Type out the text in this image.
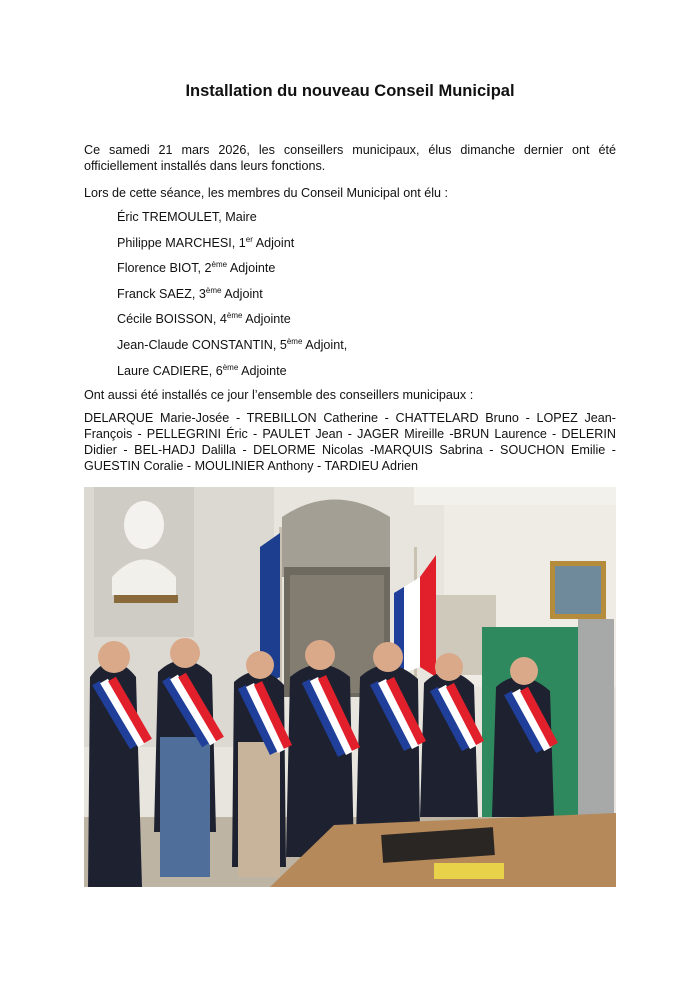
Installation du nouveau Conseil Municipal
Ce samedi 21 mars 2026, les conseillers municipaux, élus dimanche dernier ont été officiellement installés dans leurs fonctions.
Lors de cette séance, les membres du Conseil Municipal ont élu :
Éric TREMOULET, Maire
Philippe MARCHESI, 1er Adjoint
Florence BIOT, 2ème Adjointe
Franck SAEZ, 3ème Adjoint
Cécile BOISSON, 4ème Adjointe
Jean-Claude CONSTANTIN, 5ème Adjoint,
Laure CADIERE, 6ème Adjointe
Ont aussi été installés ce jour l’ensemble des conseillers municipaux :
DELARQUE Marie-Josée - TREBILLON Catherine - CHATTELARD Bruno - LOPEZ Jean-François - PELLEGRINI Éric - PAULET Jean - JAGER Mireille -BRUN Laurence - DELERIN Didier - BEL-HADJ Dalilla - DELORME Nicolas -MARQUIS Sabrina - SOUCHON Emilie - GUESTIN Coralie - MOULINIER Anthony - TARDIEU Adrien
